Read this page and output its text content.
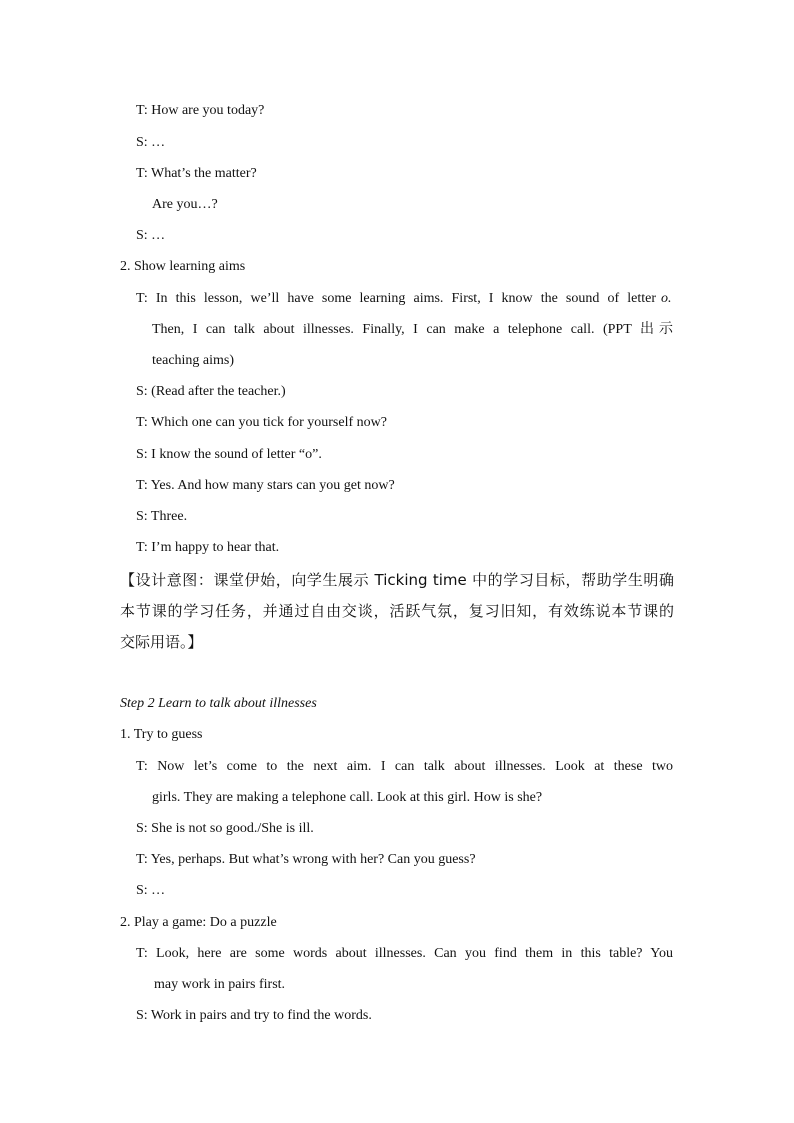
T: How are you today?
S: …
T: What’s the matter?
Are you…?
S: …
2. Show learning aims
T: In this lesson, we’ll have some learning aims. First, I know the sound of letter o.
Then, I can talk about illnesses. Finally, I can make a telephone call. (PPT 出示
teaching aims)
S: (Read after the teacher.)
T: Which one can you tick for yourself now?
S: I know the sound of letter “o”.
T: Yes. And how many stars can you get now?
S: Three.
T: I’m happy to hear that.
【设计意图：课堂伊始，向学生展示 Ticking time 中的学习目标，帮助学生明确
本节课的学习任务，并通过自由交谈，活跃气氛，复习旧知，有效练说本节课的
交际用语。】
Step 2 Learn to talk about illnesses
1. Try to guess
T: Now let’s come to the next aim. I can talk about illnesses. Look at these two
girls. They are making a telephone call. Look at this girl. How is she?
S: She is not so good./She is ill.
T: Yes, perhaps. But what’s wrong with her? Can you guess?
S: …
2. Play a game: Do a puzzle
T: Look, here are some words about illnesses. Can you find them in this table? You
may work in pairs first.
S: Work in pairs and try to find the words.
